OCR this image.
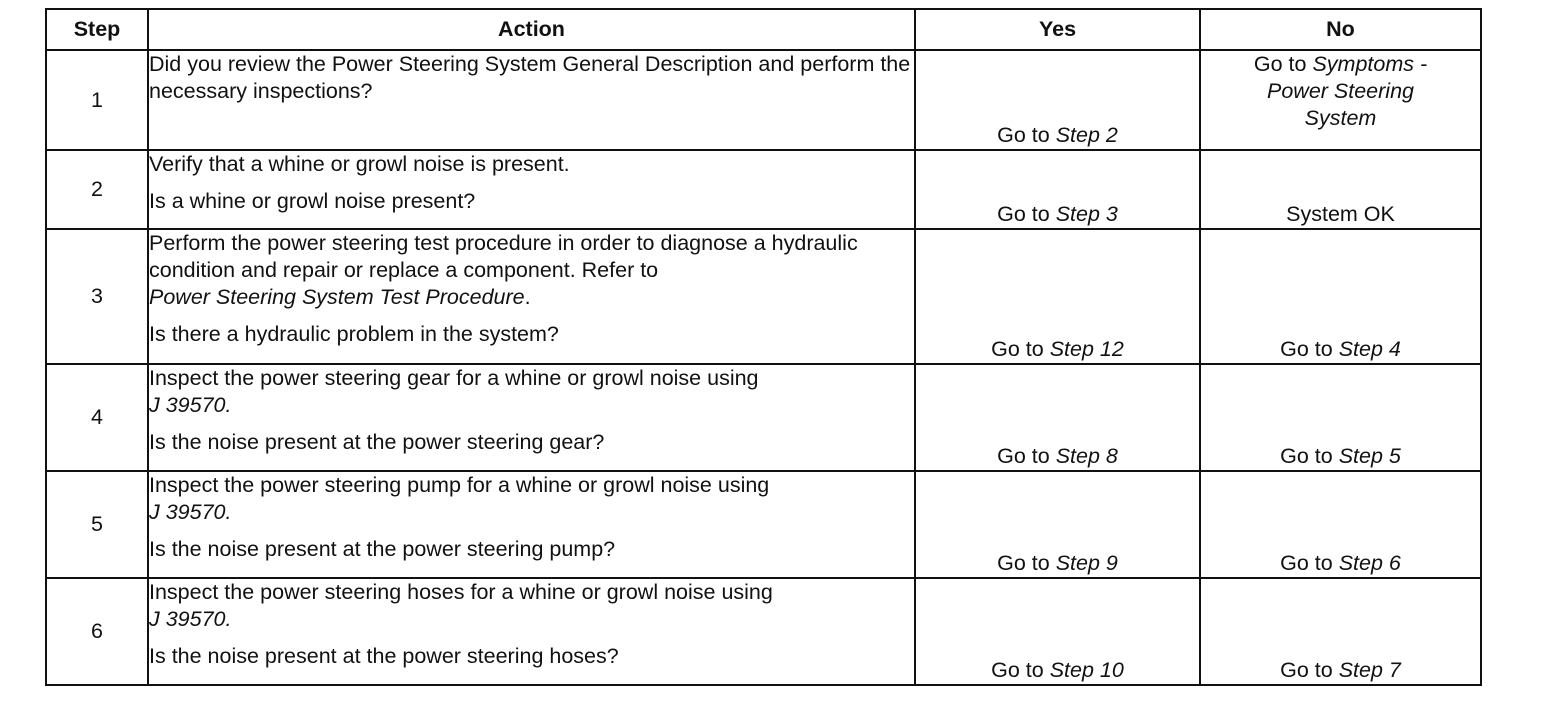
Step	Action	Yes	No
1	Did you review the Power Steering System General Description and perform the necessary inspections?	Go to Step 2	Go to Symptoms - Power Steering System
2	Verify that a whine or growl noise is present.
Is a whine or growl noise present?	Go to Step 3	System OK
3	Perform the power steering test procedure in order to diagnose a hydraulic condition and repair or replace a component. Refer to
Power Steering System Test Procedure.
Is there a hydraulic problem in the system?	Go to Step 12	Go to Step 4
4	Inspect the power steering gear for a whine or growl noise using
J 39570.
Is the noise present at the power steering gear?	Go to Step 8	Go to Step 5
5	Inspect the power steering pump for a whine or growl noise using
J 39570.
Is the noise present at the power steering pump?	Go to Step 9	Go to Step 6
6	Inspect the power steering hoses for a whine or growl noise using
J 39570.
Is the noise present at the power steering hoses?	Go to Step 10	Go to Step 7
